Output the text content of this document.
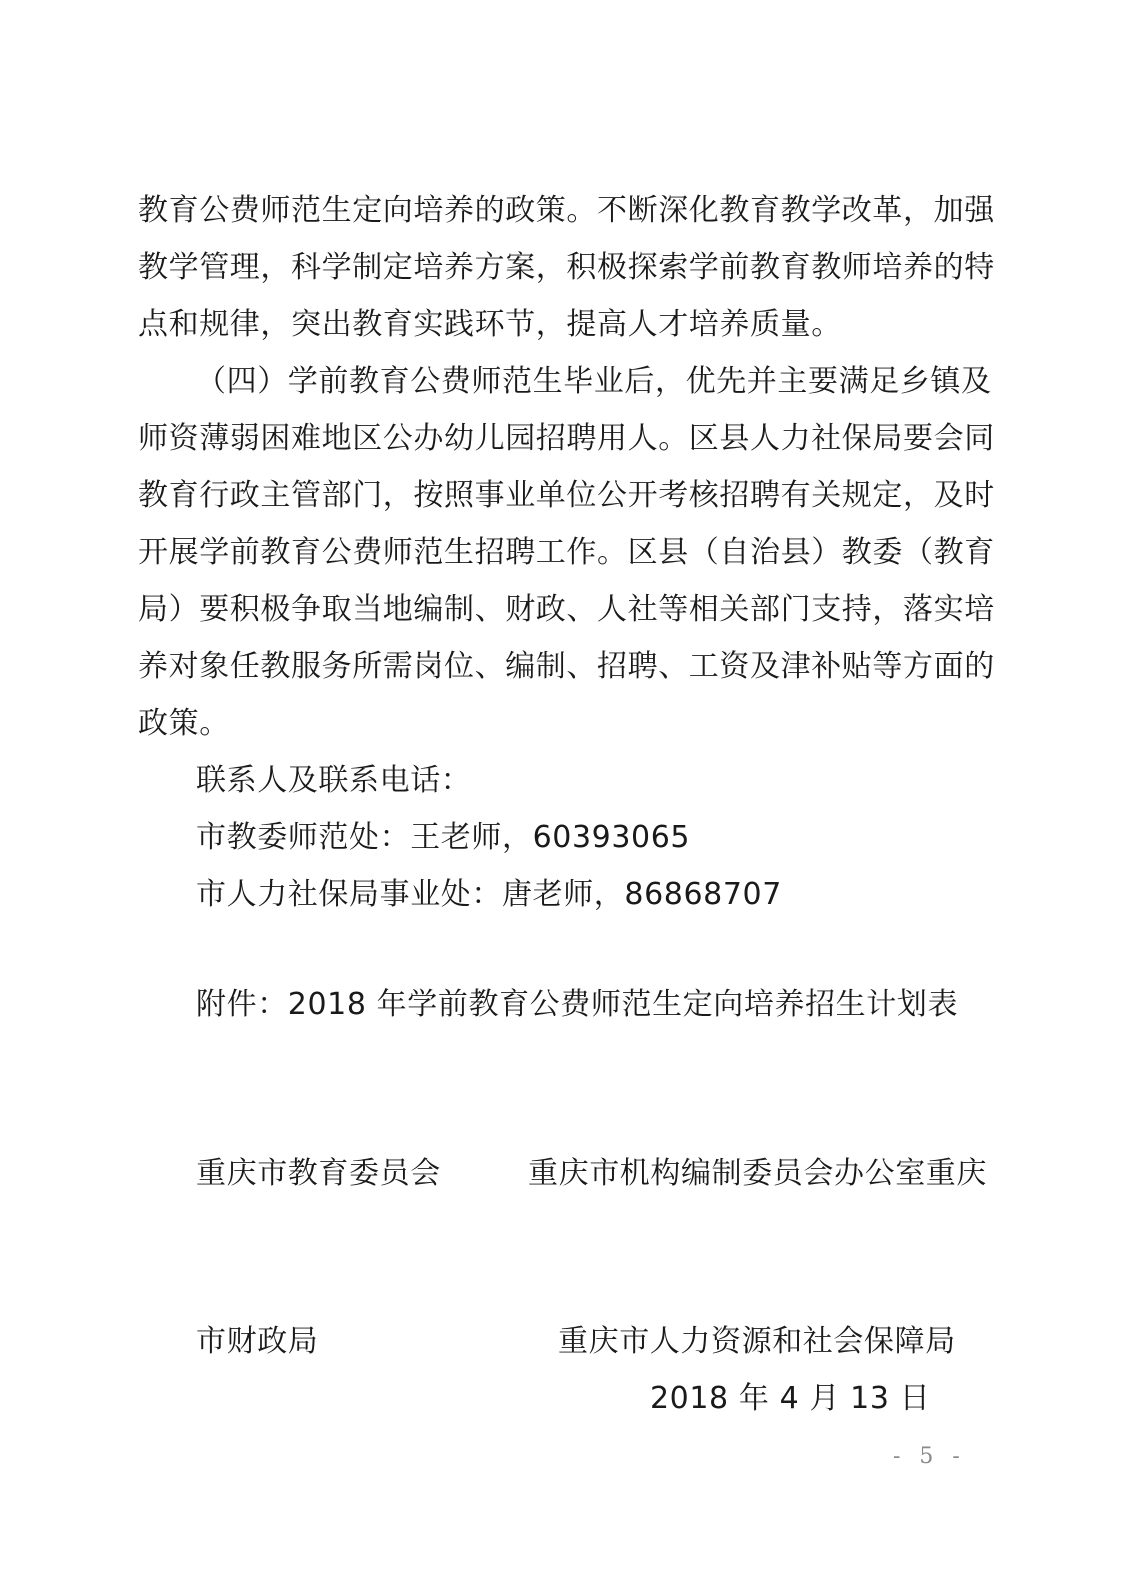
教育公费师范生定向培养的政策。不断深化教育教学改革，加强
教学管理，科学制定培养方案，积极探索学前教育教师培养的特
点和规律，突出教育实践环节，提高人才培养质量。
（四）学前教育公费师范生毕业后，优先并主要满足乡镇及
师资薄弱困难地区公办幼儿园招聘用人。区县人力社保局要会同
教育行政主管部门，按照事业单位公开考核招聘有关规定，及时
开展学前教育公费师范生招聘工作。区县（自治县）教委（教育
局）要积极争取当地编制、财政、人社等相关部门支持，落实培
养对象任教服务所需岗位、编制、招聘、工资及津补贴等方面的
政策。
联系人及联系电话：
市教委师范处：王老师，60393065
市人力社保局事业处：唐老师，86868707
附件：2018 年学前教育公费师范生定向培养招生计划表
重庆市教育委员会	重庆市机构编制委员会办公室重庆
市财政局	重庆市人力资源和社会保障局
2018 年 4 月 13 日
- 5 -
